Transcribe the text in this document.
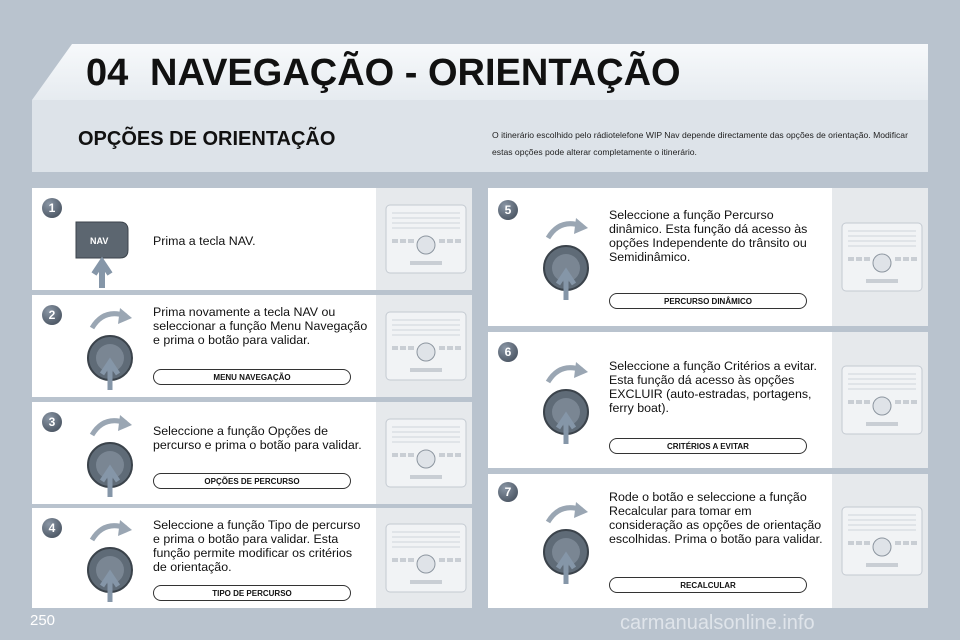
04 NAVEGAÇÃO - ORIENTAÇÃO
OPÇÕES DE ORIENTAÇÃO	O itinerário escolhido pelo rádiotelefone WIP Nav depende directamente das opções de orientação. Modificar estas opções pode alterar completamente o itinerário.
1
NAV	Prima a tecla NAV.
2	Prima novamente a tecla NAV ou seleccionar a função Menu Navegação e prima o botão para validar.
MENU NAVEGAÇÃO
3
Seleccione a função Opções de percurso e prima o botão para validar.
OPÇÕES DE PERCURSO
4	Seleccione a função Tipo de percurso e prima o botão para validar. Esta função permite modificar os critérios de orientação.
TIPO DE PERCURSO
5	Seleccione a função Percurso dinâmico. Esta função dá acesso às opções Independente do trânsito ou Semidinâmico.
PERCURSO DINÂMICO
6
Seleccione a função Critérios a evitar. Esta função dá acesso às opções EXCLUIR (auto-estradas, portagens, ferry boat).
CRITÉRIOS A EVITAR
7	Rode o botão e seleccione a função Recalcular para tomar em consideração as opções de orientação escolhidas. Prima o botão para validar.
RECALCULAR
250	carmanualsonline.info
